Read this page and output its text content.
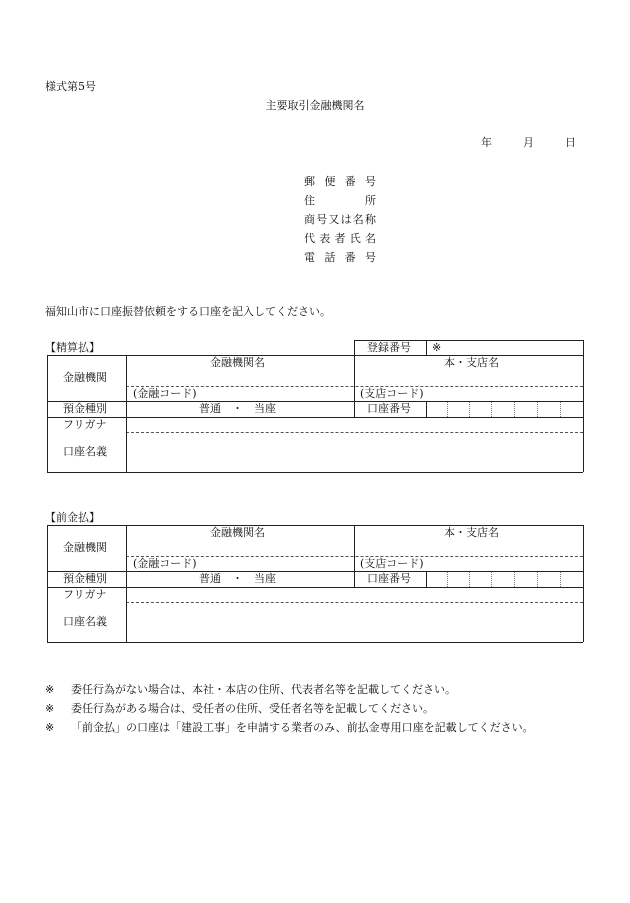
様式第5号
主要取引金融機関名
年	月	日
郵 便 番 号
住	所
商 号 又 は 名 称
代 表 者 氏 名
電 話 番 号
福知山市に口座振替依頼をする口座を記入してください。
【精算払】	登録番号 ※
金融機関
金融機関名	本・支店名
(金融コード)	(支店コード)
預金種別	普通　・　当座	口座番号
フリガナ
口座名義
【前金払】
金融機関
金融機関名	本・支店名
(金融コード)	(支店コード)
預金種別	普通　・　当座	口座番号
フリガナ
口座名義
※ 委任行為がない場合は、本社・本店の住所、代表者名等を記載してください。
※ 委任行為がある場合は、受任者の住所、受任者名等を記載してください。
※ 「前金払」の口座は「建設工事」を申請する業者のみ、前払金専用口座を記載してください。
